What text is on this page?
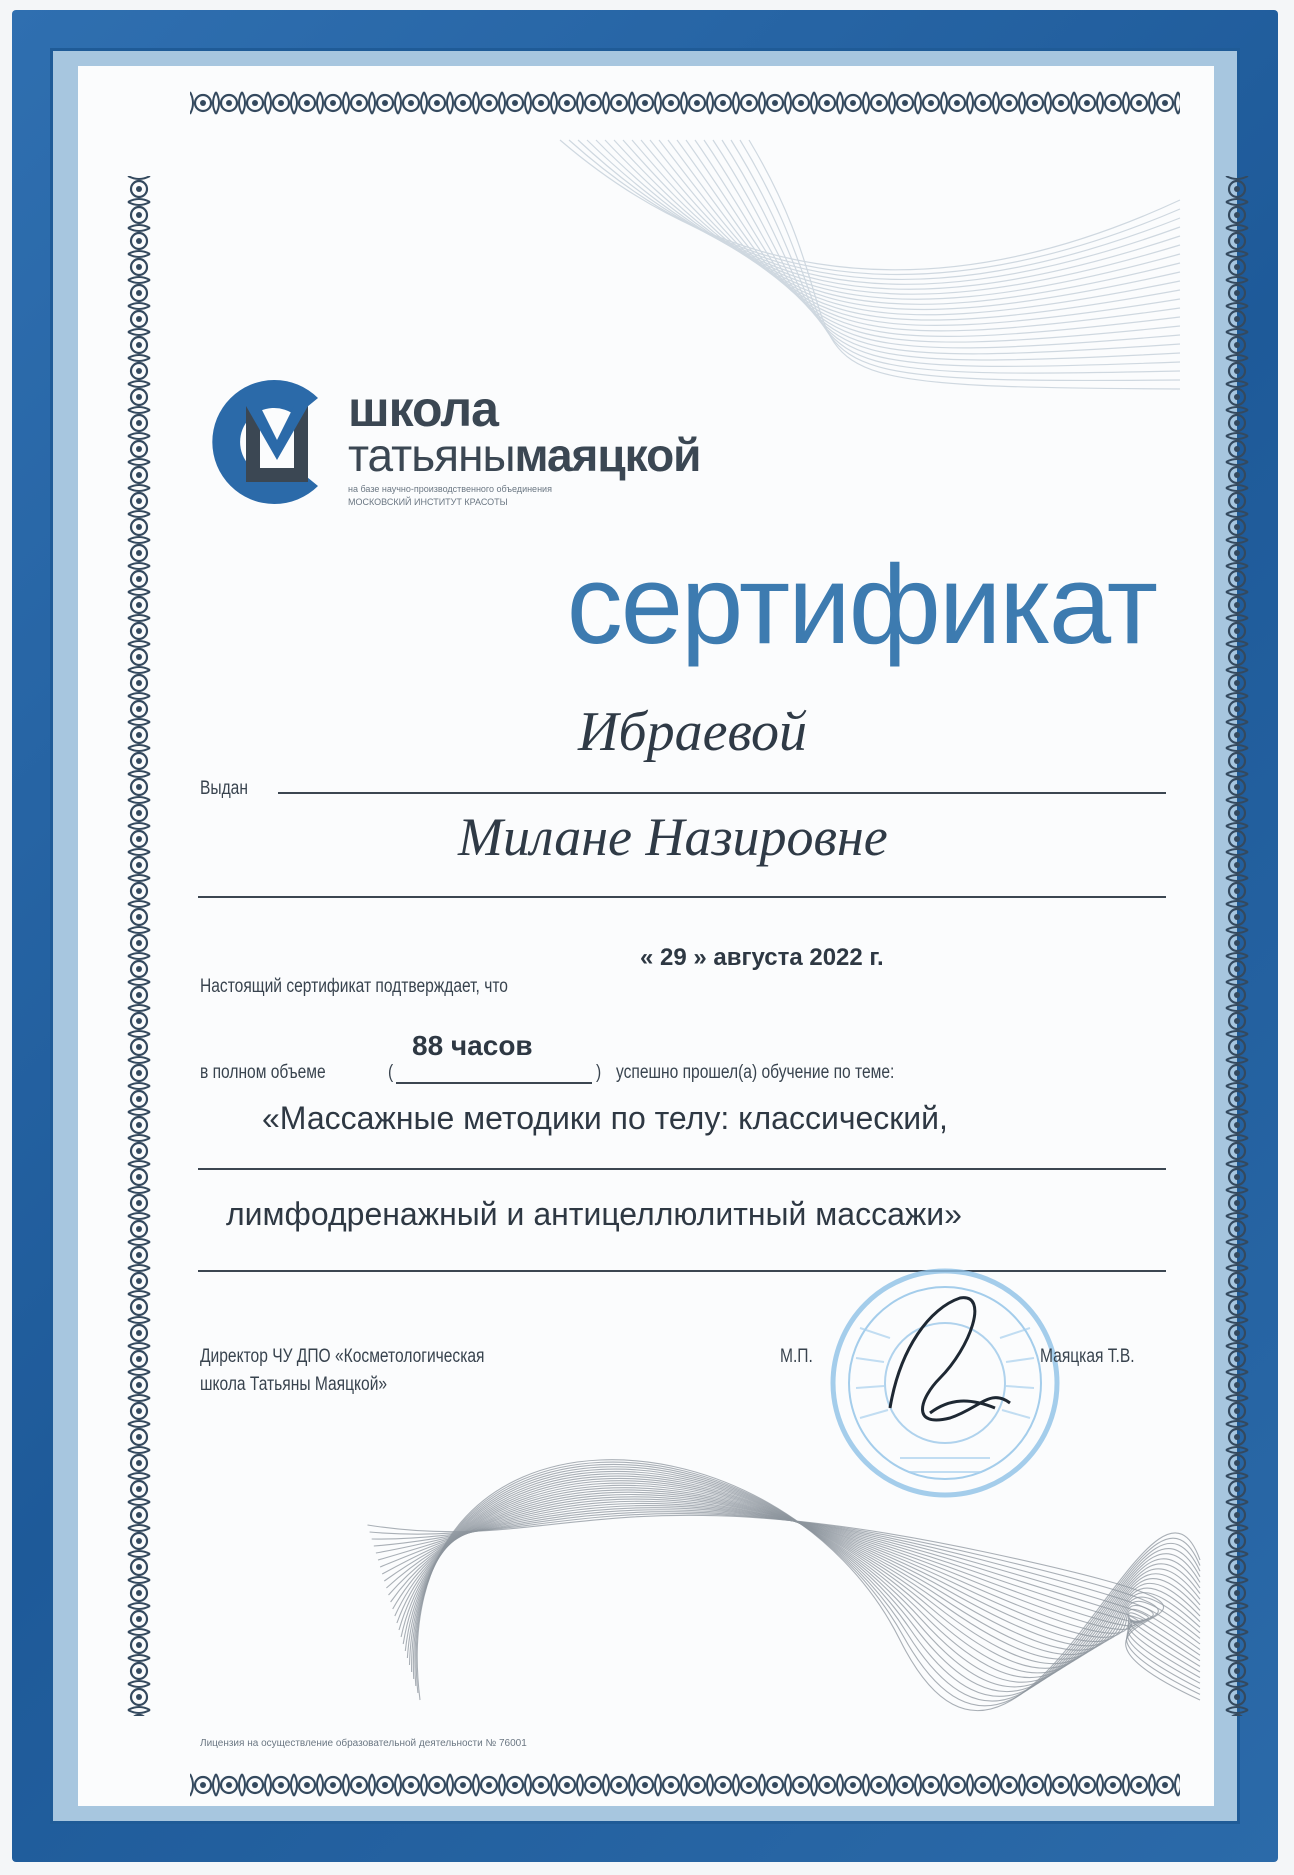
школа
татьянымаяцкой
на базе научно-производственного объединения
МОСКОВСКИЙ ИНСТИТУТ КРАСОТЫ
сертификат
Ибраевой
Выдан
Милане Назировне
« 29 » августа 2022 г.
Настоящий сертификат подтверждает, что
88 часов
в полном объеме	(	) успешно прошел(а) обучение по теме:
«Массажные методики по телу: классический,
лимфодренажный и антицеллюлитный массажи»
Директор ЧУ ДПО «Косметологическая
школа Татьяны Маяцкой»
М.П.	Маяцкая Т.В.
Лицензия на осуществление образовательной деятельности № 76001
